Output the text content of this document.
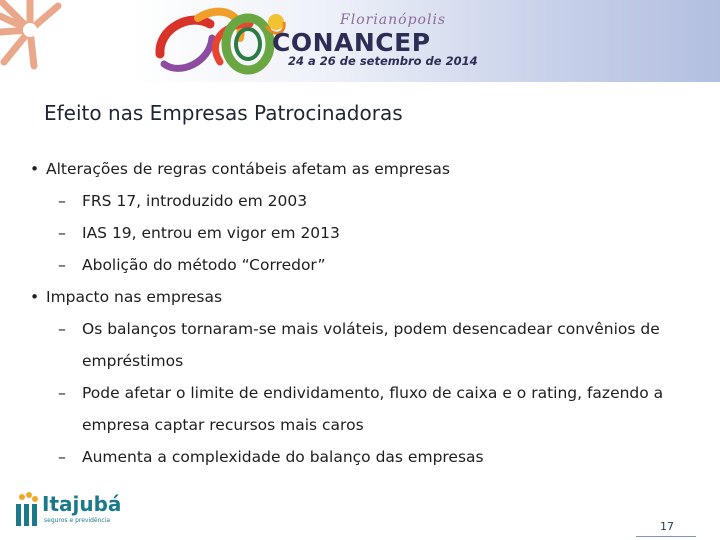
Florianópolis
CONANCEP
24 a 26 de setembro de 2014
Efeito nas Empresas Patrocinadoras
• Alterações de regras contábeis afetam as empresas
– FRS 17, introduzido em 2003
– IAS 19, entrou em vigor em 2013
– Abolição do método “Corredor”
• Impacto nas empresas
– Os balanços tornaram-se mais voláteis, podem desencadear convênios de
empréstimos
– Pode afetar o limite de endividamento, fluxo de caixa e o rating, fazendo a
empresa captar recursos mais caros
– Aumenta a complexidade do balanço das empresas
Itajubá
seguros e previdência	17
